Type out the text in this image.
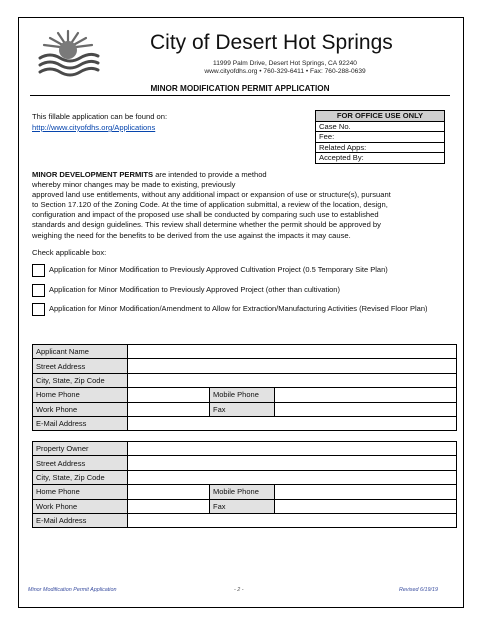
City of Desert Hot Springs
11999 Palm Drive, Desert Hot Springs, CA 92240
www.cityofdhs.org • 760-329-6411 • Fax: 760-288-0639
MINOR MODIFICATION PERMIT APPLICATION
This fillable application can be found on:
http://www.cityofdhs.org/Applications
FOR OFFICE USE ONLY
Case No.
Fee:
Related Apps:
Accepted By:
MINOR DEVELOPMENT PERMITS are intended to provide a method
whereby minor changes may be made to existing, previously
approved land use entitlements, without any additional impact or expansion of use or structure(s), pursuant
to Section 17.120 of the Zoning Code. At the time of application submittal, a review of the location, design,
configuration and impact of the proposed use shall be conducted by comparing such use to established
standards and design guidelines. This review shall determine whether the permit should be approved by
weighing the need for the benefits to be derived from the use against the impacts it may cause.
Check applicable box:
Application for Minor Modification to Previously Approved Cultivation Project (0.5 Temporary Site Plan)
Application for Minor Modification to Previously Approved Project (other than cultivation)
Application for Minor Modification/Amendment to Allow for Extraction/Manufacturing Activities (Revised Floor Plan)
Applicant Name			
Street Address			
City, State, Zip Code			
Home Phone		Mobile Phone	
Work Phone		Fax	
E-Mail Address			
Property Owner			
Street Address			
City, State, Zip Code			
Home Phone		Mobile Phone	
Work Phone		Fax	
E-Mail Address			
Minor Modification Permit Application	- 2 -	Revised 6/19/19
